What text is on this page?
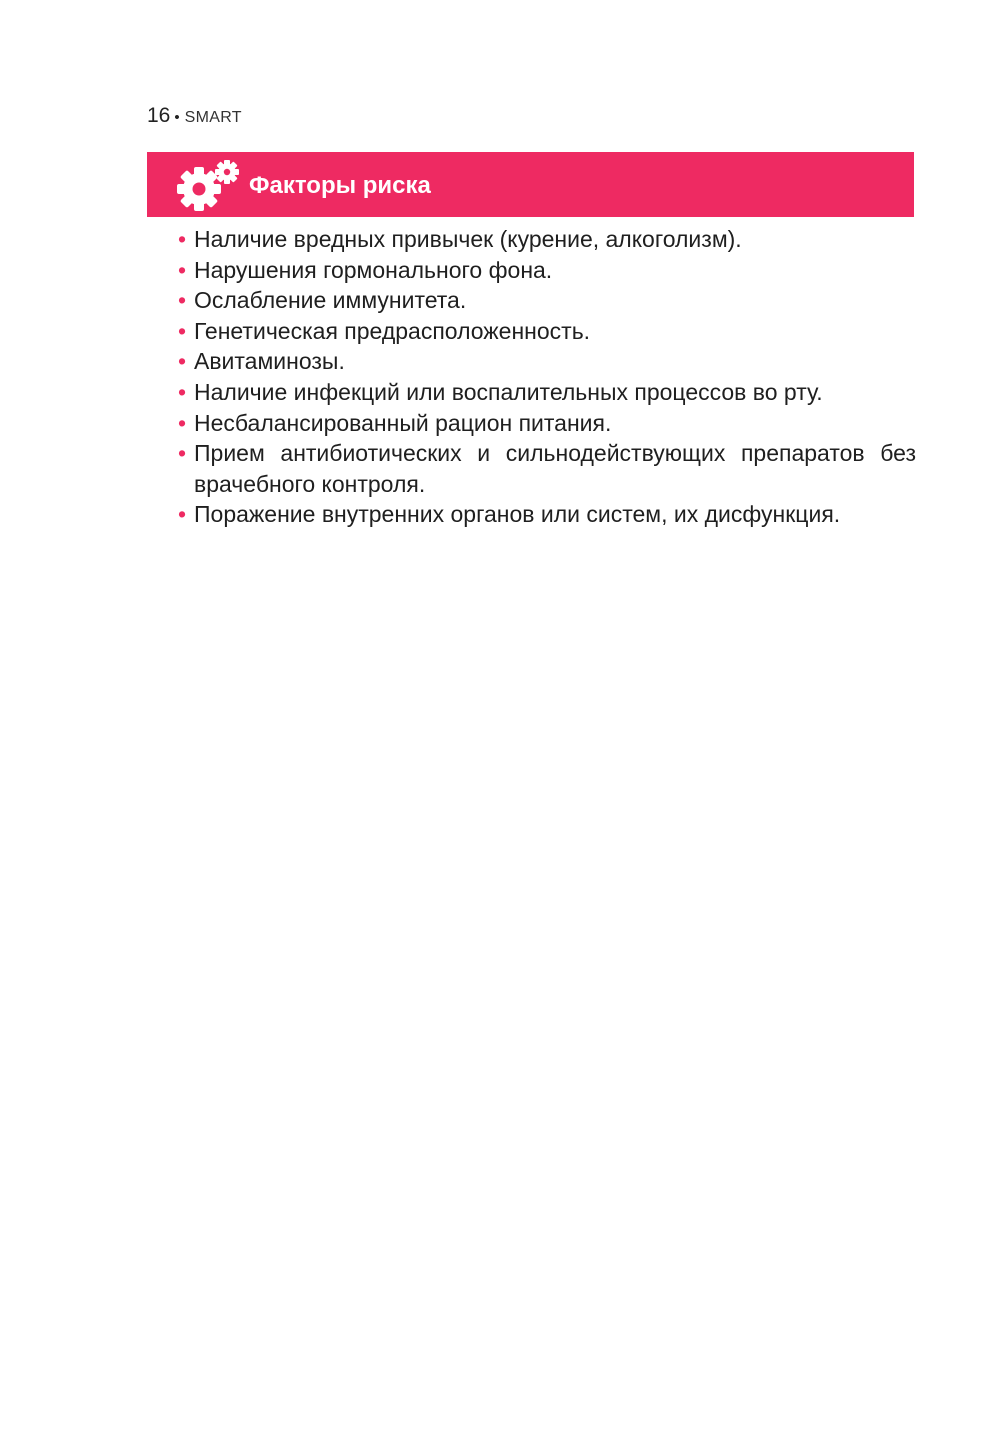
16 • SMART
Факторы риска
• Наличие вредных привычек (курение, алкоголизм).
• Нарушения гормонального фона.
• Ослабление иммунитета.
• Генетическая предрасположенность.
• Авитаминозы.
• Наличие инфекций или воспалительных процессов во рту.
• Несбалансированный рацион питания.
• Прием антибиотических и сильнодействующих препаратов без врачебного контроля.
• Поражение внутренних органов или систем, их дисфункция.
